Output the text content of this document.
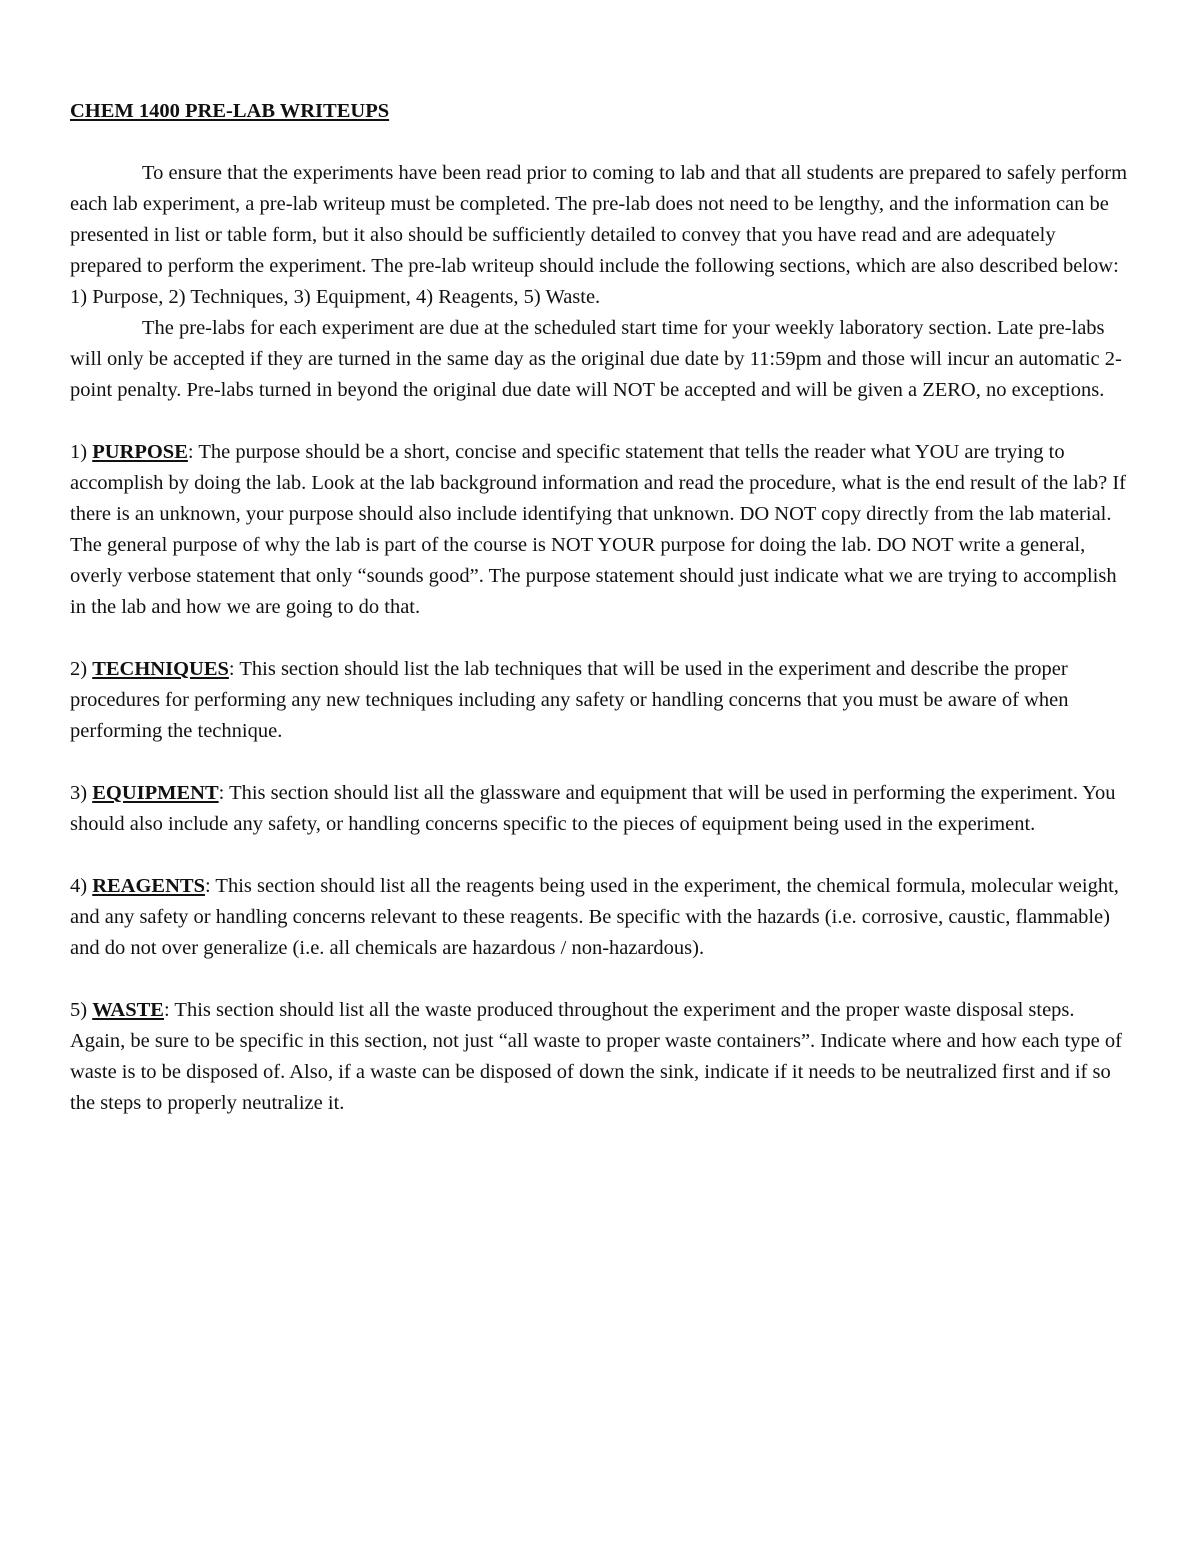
CHEM 1400 PRE-LAB WRITEUPS

To ensure that the experiments have been read prior to coming to lab and that all students are prepared to safely perform each lab experiment, a pre-lab writeup must be completed. The pre-lab does not need to be lengthy, and the information can be presented in list or table form, but it also should be sufficiently detailed to convey that you have read and are adequately prepared to perform the experiment. The pre-lab writeup should include the following sections, which are also described below: 1) Purpose, 2) Techniques, 3) Equipment, 4) Reagents, 5) Waste.

The pre-labs for each experiment are due at the scheduled start time for your weekly laboratory section. Late pre-labs will only be accepted if they are turned in the same day as the original due date by 11:59pm and those will incur an automatic 2-point penalty. Pre-labs turned in beyond the original due date will NOT be accepted and will be given a ZERO, no exceptions.

1) PURPOSE: The purpose should be a short, concise and specific statement that tells the reader what YOU are trying to accomplish by doing the lab. Look at the lab background information and read the procedure, what is the end result of the lab? If there is an unknown, your purpose should also include identifying that unknown. DO NOT copy directly from the lab material. The general purpose of why the lab is part of the course is NOT YOUR purpose for doing the lab. DO NOT write a general, overly verbose statement that only “sounds good”. The purpose statement should just indicate what we are trying to accomplish in the lab and how we are going to do that.

2) TECHNIQUES: This section should list the lab techniques that will be used in the experiment and describe the proper procedures for performing any new techniques including any safety or handling concerns that you must be aware of when performing the technique.

3) EQUIPMENT: This section should list all the glassware and equipment that will be used in performing the experiment. You should also include any safety, or handling concerns specific to the pieces of equipment being used in the experiment.

4) REAGENTS: This section should list all the reagents being used in the experiment, the chemical formula, molecular weight, and any safety or handling concerns relevant to these reagents. Be specific with the hazards (i.e. corrosive, caustic, flammable) and do not over generalize (i.e. all chemicals are hazardous / non-hazardous).

5) WASTE: This section should list all the waste produced throughout the experiment and the proper waste disposal steps. Again, be sure to be specific in this section, not just “all waste to proper waste containers”. Indicate where and how each type of waste is to be disposed of. Also, if a waste can be disposed of down the sink, indicate if it needs to be neutralized first and if so the steps to properly neutralize it.
